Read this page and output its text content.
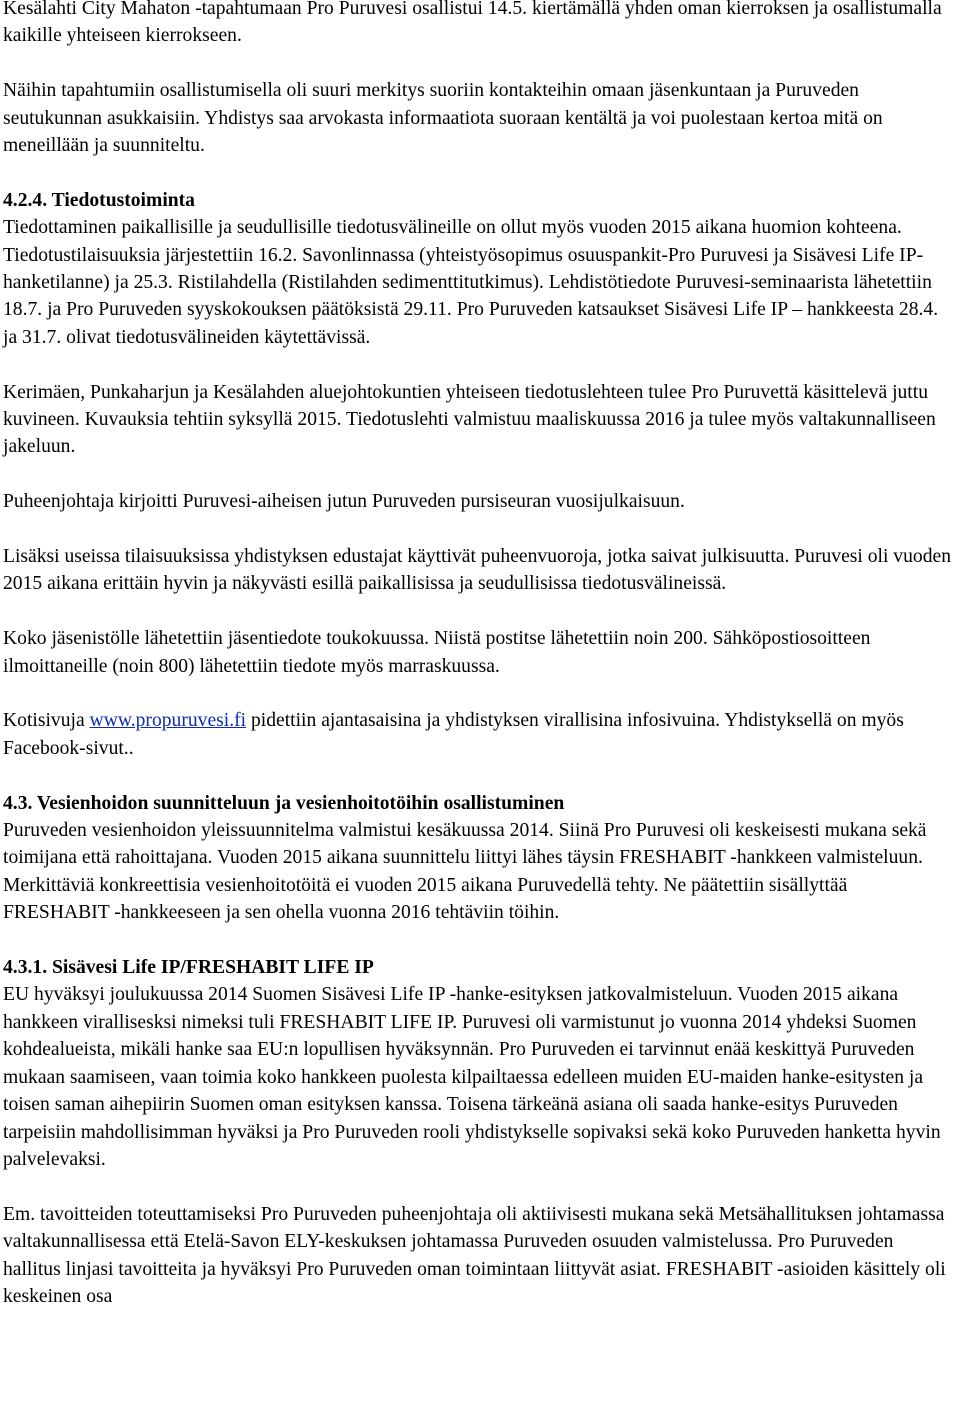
Kesälahti City Mahaton -tapahtumaan Pro Puruvesi osallistui 14.5. kiertämällä yhden oman kierroksen ja osallistumalla kaikille yhteiseen kierrokseen.

Näihin tapahtumiin osallistumisella oli suuri merkitys suoriin kontakteihin omaan jäsenkuntaan ja Puruveden seutukunnan asukkaisiin. Yhdistys saa arvokasta informaatiota suoraan kentältä ja voi puolestaan kertoa mitä on meneillään ja suunniteltu.

4.2.4. Tiedotustoiminta

Tiedottaminen paikallisille ja seudullisille tiedotusvälineille on ollut myös vuoden 2015 aikana huomion kohteena. Tiedotustilaisuuksia järjestettiin 16.2. Savonlinnassa (yhteistyösopimus osuuspankit-Pro Puruvesi ja Sisävesi Life IP-hanketilanne) ja 25.3. Ristilahdella (Ristilahden sedimenttitutkimus). Lehdistötiedote Puruvesi-seminaarista lähetettiin 18.7. ja Pro Puruveden syyskokouksen päätöksistä 29.11. Pro Puruveden katsaukset Sisävesi Life IP – hankkeesta 28.4. ja 31.7. olivat tiedotusvälineiden käytettävissä.

Kerimäen, Punkaharjun ja Kesälahden aluejohtokuntien yhteiseen tiedotuslehteen tulee Pro Puruvettä käsittelevä juttu kuvineen. Kuvauksia tehtiin syksyllä 2015. Tiedotuslehti valmistuu maaliskuussa 2016 ja tulee myös valtakunnalliseen jakeluun.

Puheenjohtaja kirjoitti Puruvesi-aiheisen jutun Puruveden pursiseuran vuosijulkaisuun.

Lisäksi useissa tilaisuuksissa yhdistyksen edustajat käyttivät puheenvuoroja, jotka saivat julkisuutta. Puruvesi oli vuoden 2015 aikana erittäin hyvin ja näkyvästi esillä paikallisissa ja seudullisissa tiedotusvälineissä.

Koko jäsenistölle lähetettiin jäsentiedote toukokuussa. Niistä postitse lähetettiin noin 200. Sähköpostiosoitteen ilmoittaneille (noin 800) lähetettiin tiedote myös marraskuussa.

Kotisivuja www.propuruvesi.fi pidettiin ajantasaisina ja yhdistyksen virallisina infosivuina. Yhdistyksellä on myös Facebook-sivut..

4.3. Vesienhoidon suunnitteluun ja vesienhoitotöihin osallistuminen

Puruveden vesienhoidon yleissuunnitelma valmistui kesäkuussa 2014. Siinä Pro Puruvesi oli keskeisesti mukana sekä toimijana että rahoittajana. Vuoden 2015 aikana suunnittelu liittyi lähes täysin FRESHABIT -hankkeen valmisteluun. Merkittäviä konkreettisia vesienhoitotöitä ei vuoden 2015 aikana Puruvedellä tehty. Ne päätettiin sisällyttää FRESHABIT -hankkeeseen ja sen ohella vuonna 2016 tehtäviin töihin.

4.3.1. Sisävesi Life IP/FRESHABIT LIFE IP

EU hyväksyi joulukuussa 2014 Suomen Sisävesi Life IP -hanke-esityksen jatkovalmisteluun. Vuoden 2015 aikana hankkeen virallisesksi nimeksi tuli FRESHABIT LIFE IP. Puruvesi oli varmistunut jo vuonna 2014 yhdeksi Suomen kohdealueista, mikäli hanke saa EU:n lopullisen hyväksynnän. Pro Puruveden ei tarvinnut enää keskittyä Puruveden mukaan saamiseen, vaan toimia koko hankkeen puolesta kilpailtaessa edelleen muiden EU-maiden hanke-esitysten ja toisen saman aihepiirin Suomen oman esityksen kanssa. Toisena tärkeänä asiana oli saada hanke-esitys Puruveden tarpeisiin mahdollisimman hyväksi ja Pro Puruveden rooli yhdistykselle sopivaksi sekä koko Puruveden hanketta hyvin palvelevaksi.

Em. tavoitteiden toteuttamiseksi Pro Puruveden puheenjohtaja oli aktiivisesti mukana sekä Metsähallituksen johtamassa valtakunnallisessa että Etelä-Savon ELY-keskuksen johtamassa Puruveden osuuden valmistelussa. Pro Puruveden hallitus linjasi tavoitteita ja hyväksyi Pro Puruveden oman toimintaan liittyvät asiat. FRESHABIT -asioiden käsittely oli keskeinen osa
